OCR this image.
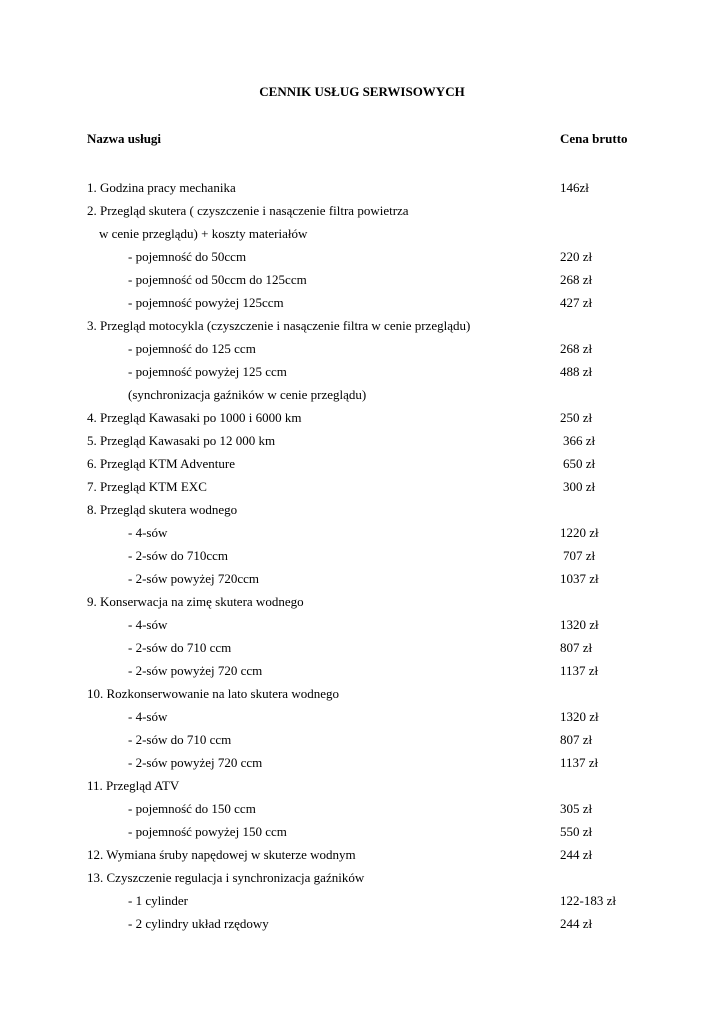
CENNIK USŁUG SERWISOWYCH
Nazwa usługi	Cena brutto
1. Godzina pracy mechanika	146zł
2. Przegląd skutera ( czyszczenie i nasączenie filtra powietrza
w cenie przeglądu) + koszty materiałów
- pojemność do 50ccm	220 zł
- pojemność od 50ccm do 125ccm	268 zł
- pojemność powyżej 125ccm	427 zł
3. Przegląd motocykla (czyszczenie i nasączenie filtra w cenie przeglądu)
- pojemność do 125 ccm	268 zł
- pojemność powyżej 125 ccm	488 zł
(synchronizacja gaźników w cenie przeglądu)
4. Przegląd Kawasaki po 1000 i 6000 km	250 zł
5. Przegląd Kawasaki po 12 000 km	366 zł
6. Przegląd KTM Adventure	650 zł
7. Przegląd KTM EXC	300 zł
8. Przegląd skutera wodnego
- 4-sów	1220 zł
- 2-sów do 710ccm	707 zł
- 2-sów powyżej 720ccm	1037 zł
9. Konserwacja na zimę skutera wodnego
- 4-sów	1320 zł
- 2-sów do 710 ccm	807 zł
- 2-sów powyżej 720 ccm	1137 zł
10. Rozkonserwowanie na lato skutera wodnego
- 4-sów	1320 zł
- 2-sów do 710 ccm	807 zł
- 2-sów powyżej 720 ccm	1137 zł
11. Przegląd ATV
- pojemność do 150 ccm	305 zł
- pojemność powyżej 150 ccm	550 zł
12. Wymiana śruby napędowej w skuterze wodnym	244 zł
13. Czyszczenie regulacja i synchronizacja gaźników
- 1 cylinder	122-183 zł
- 2 cylindry układ rzędowy	244 zł
